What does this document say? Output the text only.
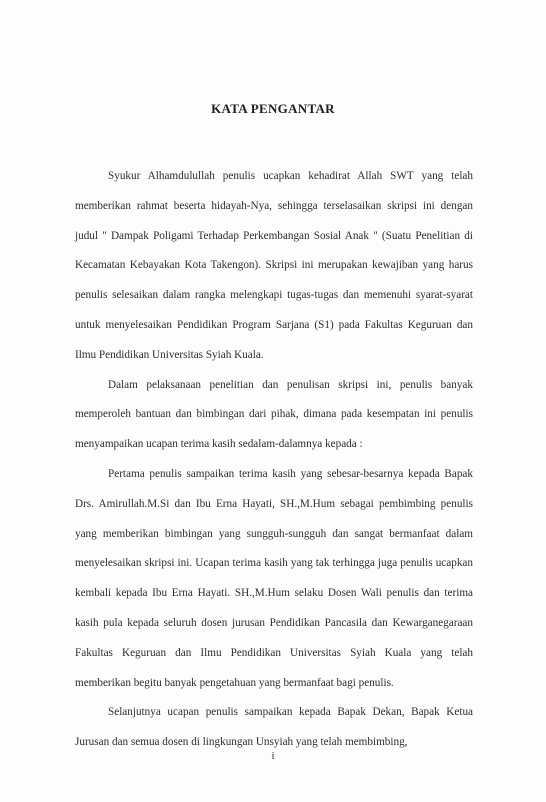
KATA PENGANTAR

Syukur Alhamdulullah penulis ucapkan kehadirat Allah SWT yang telah memberikan rahmat beserta hidayah-Nya, sehingga terselasaikan skripsi ini dengan judul " Dampak Poligami Terhadap Perkembangan Sosial Anak " (Suatu Penelitian di Kecamatan Kebayakan Kota Takengon). Skripsi ini merupakan kewajiban yang harus penulis selesaikan dalam rangka melengkapi tugas-tugas dan memenuhi syarat-syarat untuk menyelesaikan Pendidikan Program Sarjana (S1) pada Fakultas Keguruan dan Ilmu Pendidikan Universitas Syiah Kuala.

Dalam pelaksanaan penelitian dan penulisan skripsi ini, penulis banyak memperoleh bantuan dan bimbingan dari pihak, dimana pada kesempatan ini penulis menyampaikan ucapan terima kasih sedalam-dalamnya kepada :

Pertama penulis sampaikan terima kasih yang sebesar-besarnya kepada Bapak Drs. Amirullah.M.Si dan Ibu Erna Hayati, SH.,M.Hum sebagai pembimbing penulis yang memberikan bimbingan yang sungguh-sungguh dan sangat bermanfaat dalam menyelesaikan skripsi ini. Ucapan terima kasih yang tak terhingga juga penulis ucapkan kembali kepada Ibu Erna Hayati. SH.,M.Hum selaku Dosen Wali penulis dan terima kasih pula kepada seluruh dosen jurusan Pendidikan Pancasila dan Kewarganegaraan Fakultas Keguruan dan Ilmu Pendidikan Universitas Syiah Kuala yang telah memberikan begitu banyak pengetahuan yang bermanfaat bagi penulis.

Selanjutnya ucapan penulis sampaikan kepada Bapak Dekan, Bapak Ketua Jurusan dan semua dosen di lingkungan Unsyiah yang telah membimbing,

i
